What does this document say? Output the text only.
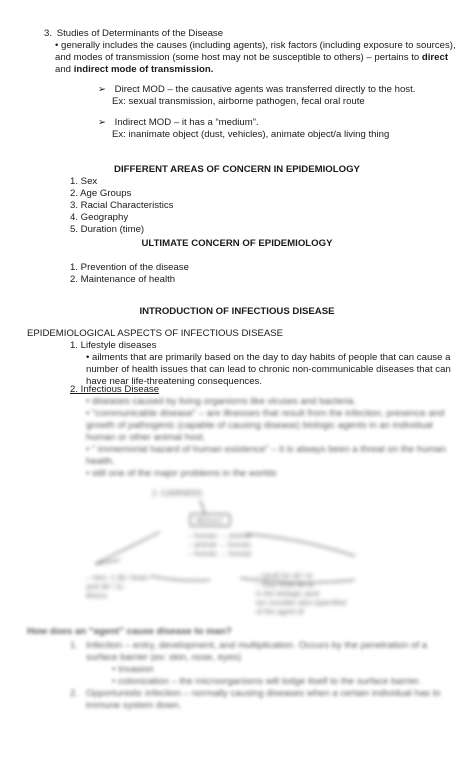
3. Studies of Determinants of the Disease
• generally includes the causes (including agents), risk factors (including exposure to sources),
and modes of transmission (some host may not be susceptible to others) – pertains to direct
and indirect mode of transmission.
➢ Direct MOD – the causative agents was transferred directly to the host.
Ex: sexual transmission, airborne pathogen, fecal oral route
➢ Indirect MOD – it has a “medium”.
Ex: inanimate object (dust, vehicles), animate object/a living thing
DIFFERENT AREAS OF CONCERN IN EPIDEMIOLOGY
1. Sex
2. Age Groups
3. Racial Characteristics
4. Geography
5. Duration (time)
ULTIMATE CONCERN OF EPIDEMIOLOGY
1. Prevention of the disease
2. Maintenance of health
INTRODUCTION OF INFECTIOUS DISEASE
EPIDEMIOLOGICAL ASPECTS OF INFECTIOUS DISEASE
1. Lifestyle diseases
• ailments that are primarily based on the day to day habits of people that can cause a
number of health issues that can lead to chronic non-communicable diseases that can
have near life-threatening consequences.
2. Infectious Disease
• diseases caused by living organisms like viruses and bacteria.
• “communicable disease” – are illnesses that result from the infection, presence and
growth of pathogenic (capable of causing disease) biologic agents in an individual
human or other animal host.
• “ immemorial hazard of human existence” – it is always been a threat on the human
health.
• still one of the major problems in the worlds
2. CARRIERS
RESULT
– human → animal
– animal → human
– human → human
– vitro: 1:38 / brain
and 38 / 11:
illness
– (and) for all / er
– they must be to
in the biologic (and
we consider also (specified
of the agent (if
How does an “agent” cause disease to man?
1. Infection – entry, development, and multiplication. Occurs by the penetration of a
surface barrier (ex: skin, nose, eyes)
• Invasion
• colonization – the microorganisms will lodge itself to the surface barrier.
2. Opportunistic infection – normally causing diseases when a certain individual has to
immune system down.
